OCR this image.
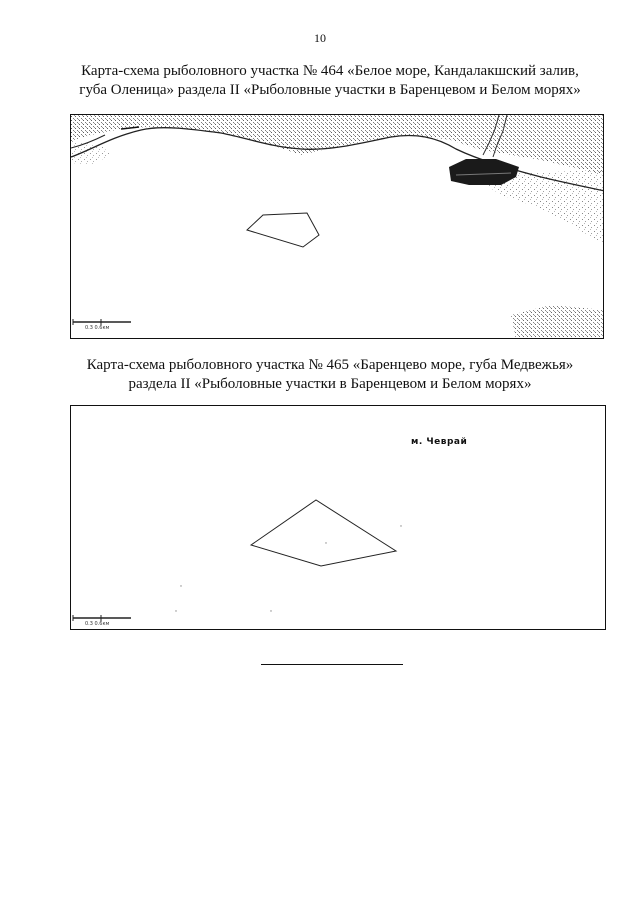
10
Карта-схема рыболовного участка № 464 «Белое море, Кандалакшский залив,
губа Оленица» раздела II «Рыболовные участки в Баренцевом и Белом морях»
0.3 0.6км
Карта-схема рыболовного участка № 465 «Баренцево море, губа Медвежья»
раздела II «Рыболовные участки в Баренцевом и Белом морях»
м. Чеврай
0.3 0.6км
